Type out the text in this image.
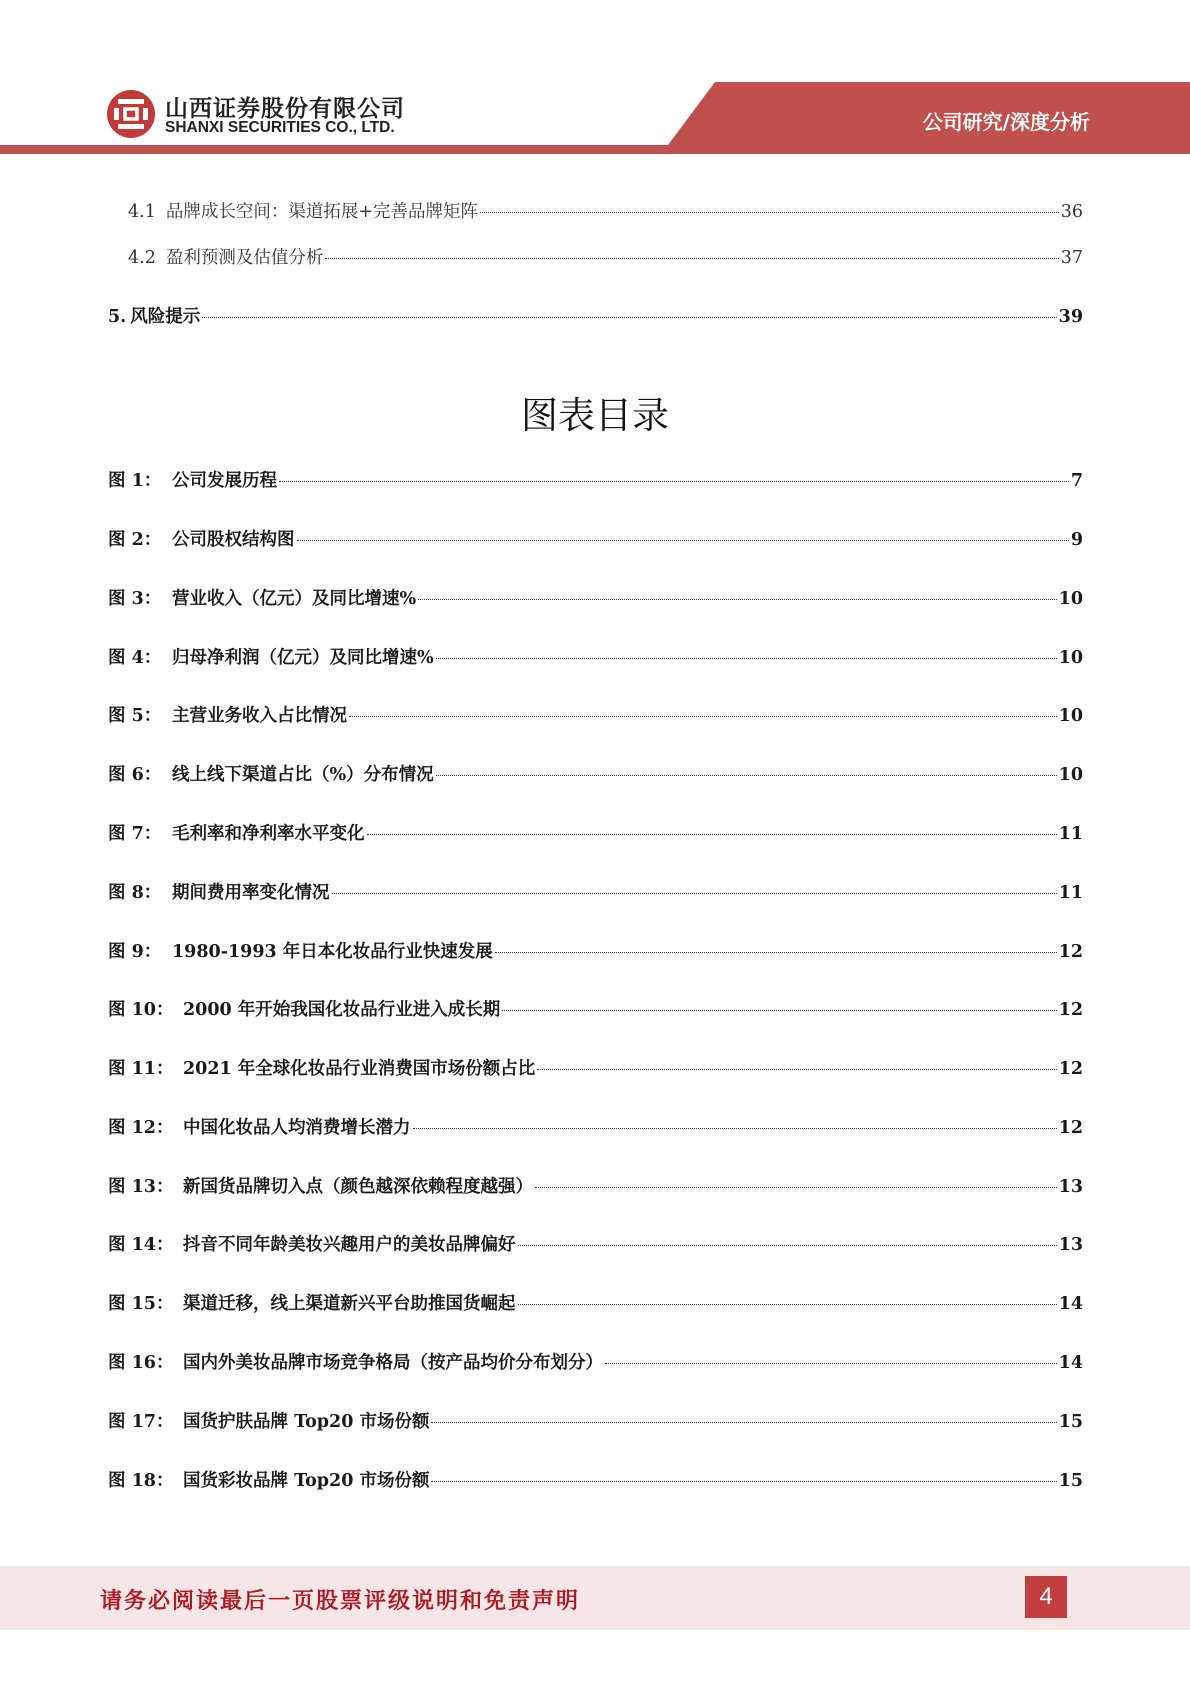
山西证券股份有限公司
SHANXI SECURITIES CO., LTD.	公司研究/深度分析
4.1 品牌成长空间：渠道拓展+完善品牌矩阵	36
4.2 盈利预测及估值分析	37
5. 风险提示	39
图表目录
图 1： 公司发展历程	7
图 2： 公司股权结构图	9
图 3： 营业收入（亿元）及同比增速%	10
图 4： 归母净利润（亿元）及同比增速%	10
图 5： 主营业务收入占比情况	10
图 6： 线上线下渠道占比（%）分布情况	10
图 7： 毛利率和净利率水平变化	11
图 8： 期间费用率变化情况	11
图 9： 1980-1993 年日本化妆品行业快速发展	12
图 10： 2000 年开始我国化妆品行业进入成长期	12
图 11： 2021 年全球化妆品行业消费国市场份额占比	12
图 12： 中国化妆品人均消费增长潜力	12
图 13： 新国货品牌切入点（颜色越深依赖程度越强）	13
图 14： 抖音不同年龄美妆兴趣用户的美妆品牌偏好	13
图 15： 渠道迁移，线上渠道新兴平台助推国货崛起	14
图 16： 国内外美妆品牌市场竞争格局（按产品均价分布划分）	14
图 17： 国货护肤品牌 Top20 市场份额	15
图 18： 国货彩妆品牌 Top20 市场份额	15
请务必阅读最后一页股票评级说明和免责声明	4
